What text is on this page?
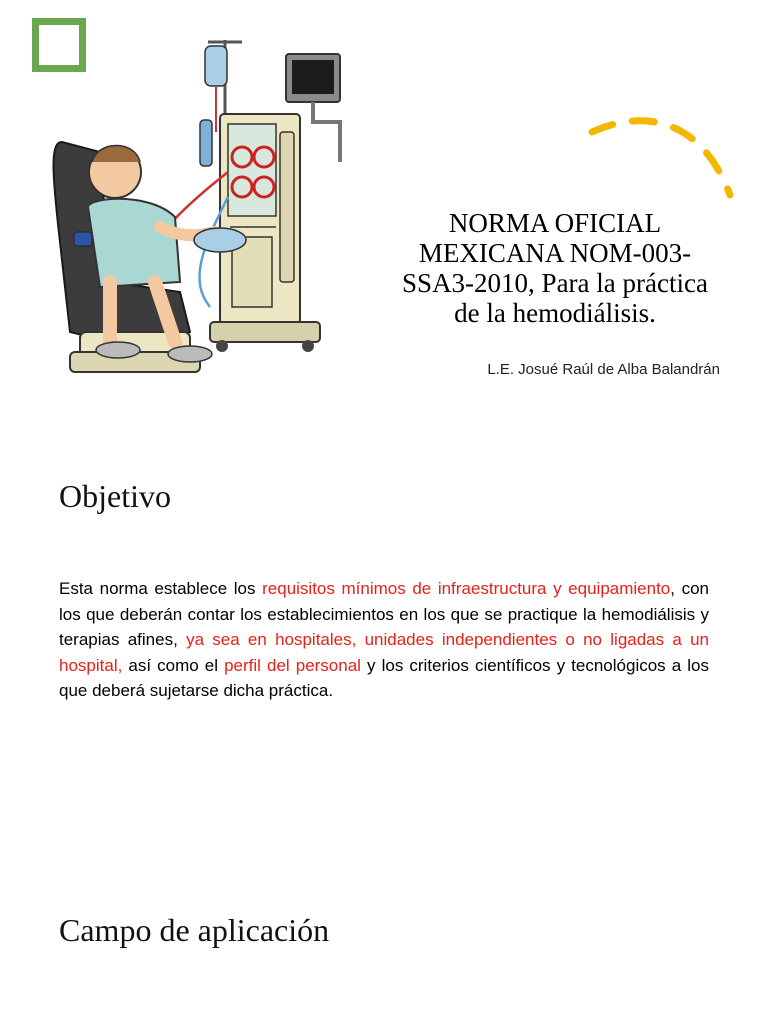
NORMA OFICIAL MEXICANA NOM-003-SSA3-2010, Para la práctica de la hemodiálisis.
L.E. Josué Raúl de Alba Balandrán
Objetivo

Esta norma establece los requisitos mínimos de infraestructura y equipamiento, con los que deberán contar los establecimientos en los que se practique la hemodiálisis y terapias afines, ya sea en hospitales, unidades independientes o no ligadas a un hospital, así como el perfil del personal y los criterios científicos y tecnológicos a los que deberá sujetarse dicha práctica.

Campo de aplicación
